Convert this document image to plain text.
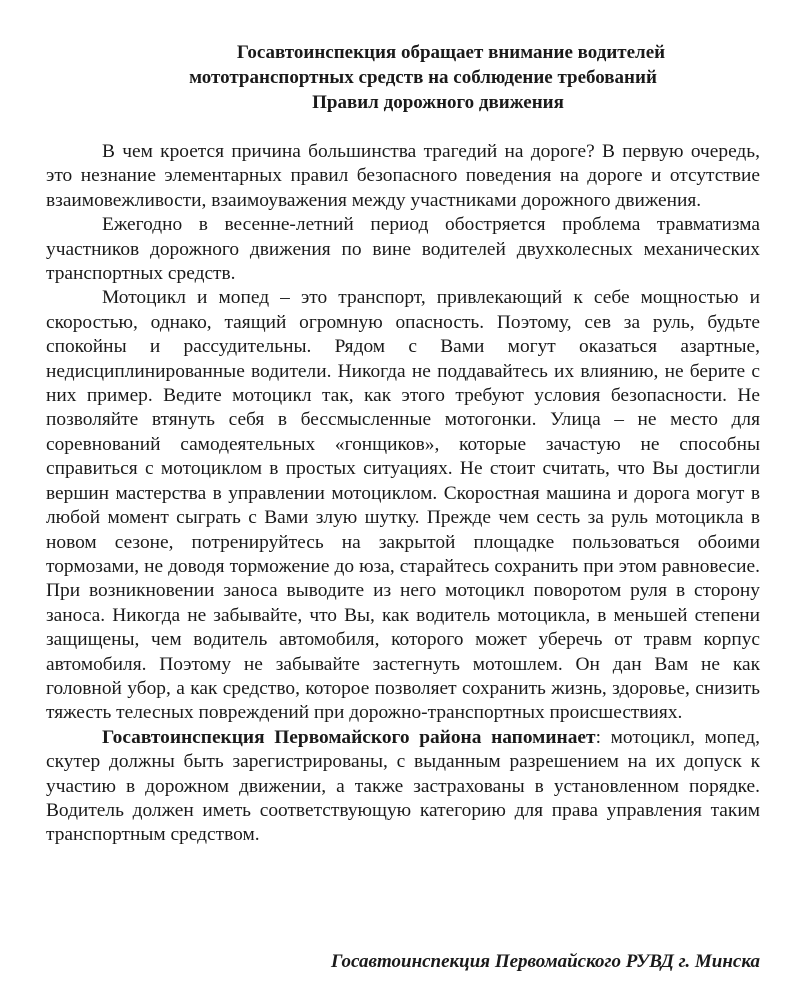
Госавтоинспекция обращает внимание водителей
мототранспортных средств на соблюдение требований
Правил дорожного движения

В чем кроется причина большинства трагедий на дороге? В первую очередь, это незнание элементарных правил безопасного поведения на дороге и отсутствие взаимовежливости, взаимоуважения между участниками дорожного движения.

Ежегодно в весенне-летний период обостряется проблема травматизма участников дорожного движения по вине водителей двухколесных механических транспортных средств.

Мотоцикл и мопед – это транспорт, привлекающий к себе мощностью и скоростью, однако, таящий огромную опасность. Поэтому, сев за руль, будьте спокойны и рассудительны. Рядом с Вами могут оказаться азартные, недисциплинированные водители. Никогда не поддавайтесь их влиянию, не берите с них пример. Ведите мотоцикл так, как этого требуют условия безопасности. Не позволяйте втянуть себя в бессмысленные мотогонки. Улица – не место для соревнований самодеятельных «гонщиков», которые зачастую не способны справиться с мотоциклом в простых ситуациях. Не стоит считать, что Вы достигли вершин мастерства в управлении мотоциклом. Скоростная машина и дорога могут в любой момент сыграть с Вами злую шутку. Прежде чем сесть за руль мотоцикла в новом сезоне, потренируйтесь на закрытой площадке пользоваться обоими тормозами, не доводя торможение до юза, старайтесь сохранить при этом равновесие. При возникновении заноса выводите из него мотоцикл поворотом руля в сторону заноса. Никогда не забывайте, что Вы, как водитель мотоцикла, в меньшей степени защищены, чем водитель автомобиля, которого может уберечь от травм корпус автомобиля. Поэтому не забывайте застегнуть мотошлем. Он дан Вам не как головной убор, а как средство, которое позволяет сохранить жизнь, здоровье, снизить тяжесть телесных повреждений при дорожно-транспортных происшествиях.

Госавтоинспекция Первомайского района напоминает: мотоцикл, мопед, скутер должны быть зарегистрированы, с выданным разрешением на их допуск к участию в дорожном движении, а также застрахованы в установленном порядке. Водитель должен иметь соответствующую категорию для права управления таким транспортным средством.

Госавтоинспекция Первомайского РУВД г. Минска
